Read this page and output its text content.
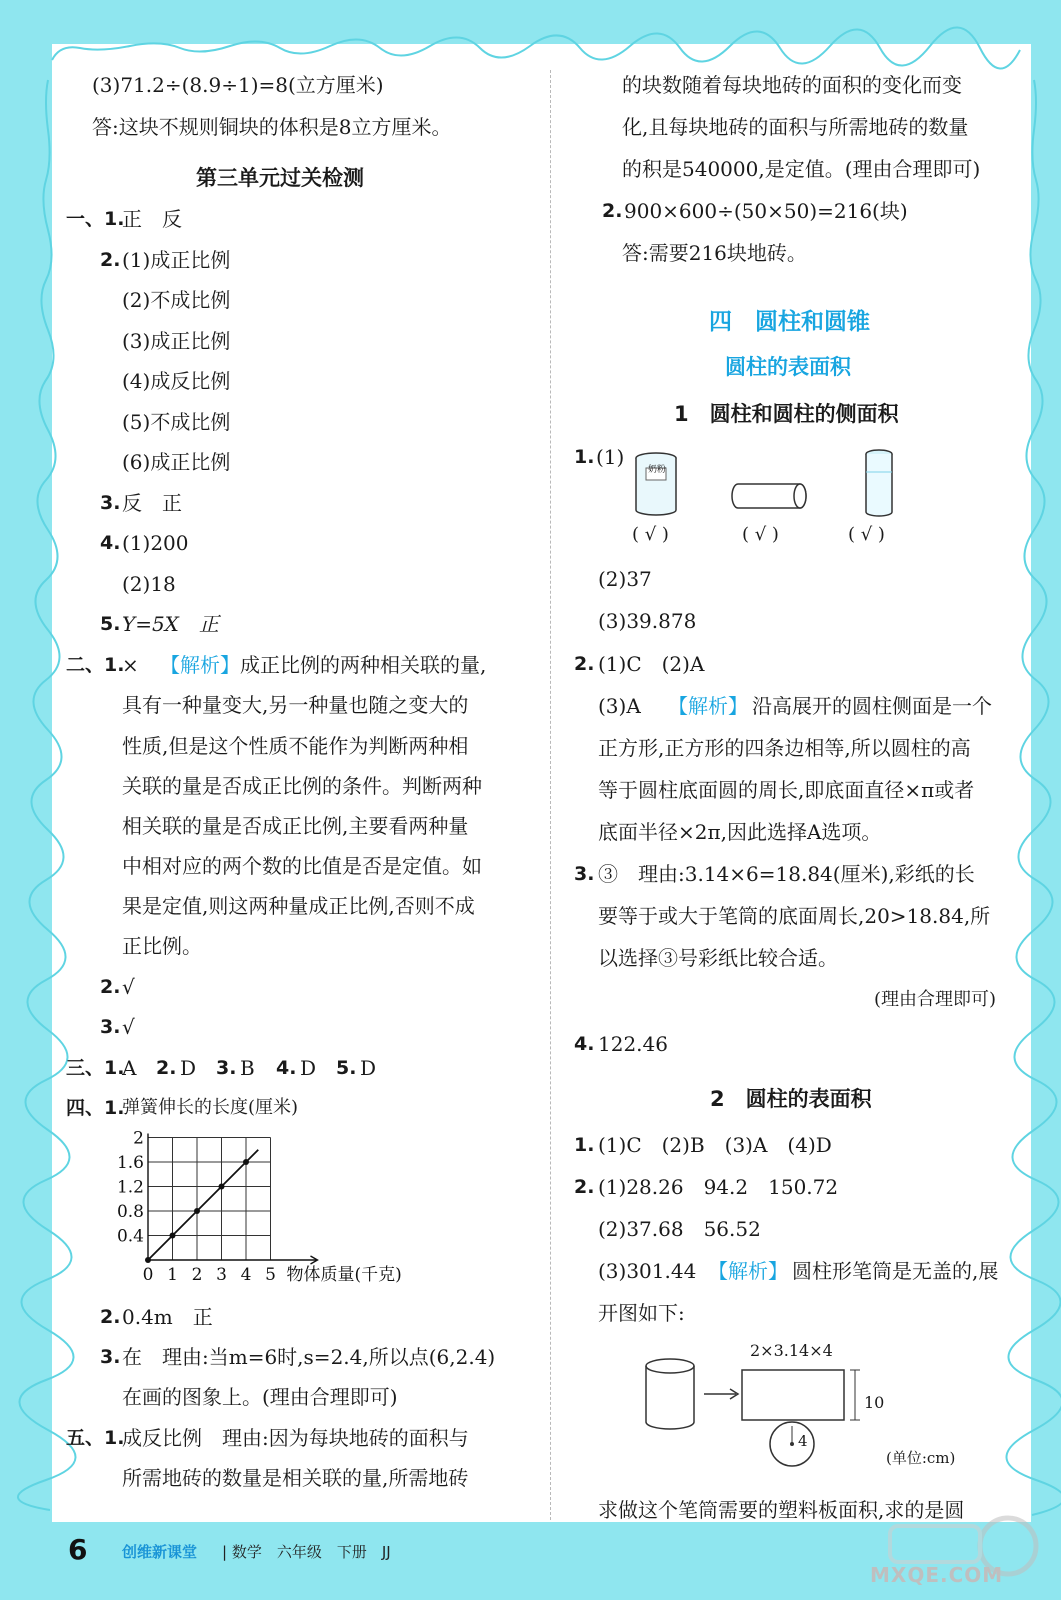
(3)71.2÷(8.9÷1)=8(立方厘米)
答:这块不规则铜块的体积是8立方厘米。
第三单元过关检测
一、1.
正　反
2. (1)成正比例
(2)不成比例
(3)成正比例
(4)成反比例
(5)不成比例
(6)成正比例
3. 反　正
4. (1)200
(2)18
5. Y=5X　正
二、1.
× 【解析】 成正比例的两种相关联的量,
具有一种量变大,另一种量也随之变大的
性质,但是这个性质不能作为判断两种相
关联的量是否成正比例的条件。判断两种
相关联的量是否成正比例,主要看两种量
中相对应的两个数的比值是否是定值。如
果是定值,则这两种量成正比例,否则不成
正比例。
2. √
3. √
三、1.
A 2. D 3. B 4. D 5. D
四、1.
弹簧伸长的长度(厘米)
0 1 2 3 4 5
0.4
0.8
1.2
1.6
2
物体质量(千克)
2. 0.4m　正
3. 在　理由:当m=6时,s=2.4,所以点(6,2.4)
在画的图象上。(理由合理即可)
五、1.
成反比例　理由:因为每块地砖的面积与
所需地砖的数量是相关联的量,所需地砖
的块数随着每块地砖的面积的变化而变
化,且每块地砖的面积与所需地砖的数量
的积是540000,是定值。(理由合理即可)
2. 900×600÷(50×50)=216(块)
答:需要216块地砖。
四　圆柱和圆锥
圆柱的表面积
1　圆柱和圆柱的侧面积
1. (1)
奶粉
( √ )	( √ )	( √ )
(2)37
(3)39.878
2. (1)C　(2)A
(3)A 【解析】 沿高展开的圆柱侧面是一个
正方形,正方形的四条边相等,所以圆柱的高
等于圆柱底面圆的周长,即底面直径×π或者
底面半径×2π,因此选择A选项。
3. ③　理由:3.14×6=18.84(厘米),彩纸的长
要等于或大于笔筒的底面周长,20>18.84,所
以选择③号彩纸比较合适。
(理由合理即可)
4. 122.46
2　圆柱的表面积
1. (1)C　(2)B　(3)A　(4)D
2. (1)28.26　94.2　150.72
(2)37.68　56.52
(3)301.44 【解析】 圆柱形笔筒是无盖的,展
开图如下:
2×3.14×4
10
4
(单位:cm)
求做这个笔筒需要的塑料板面积,求的是圆
6 创维新课堂 | 数学　六年级　下册　JJ
MXQE.COM
